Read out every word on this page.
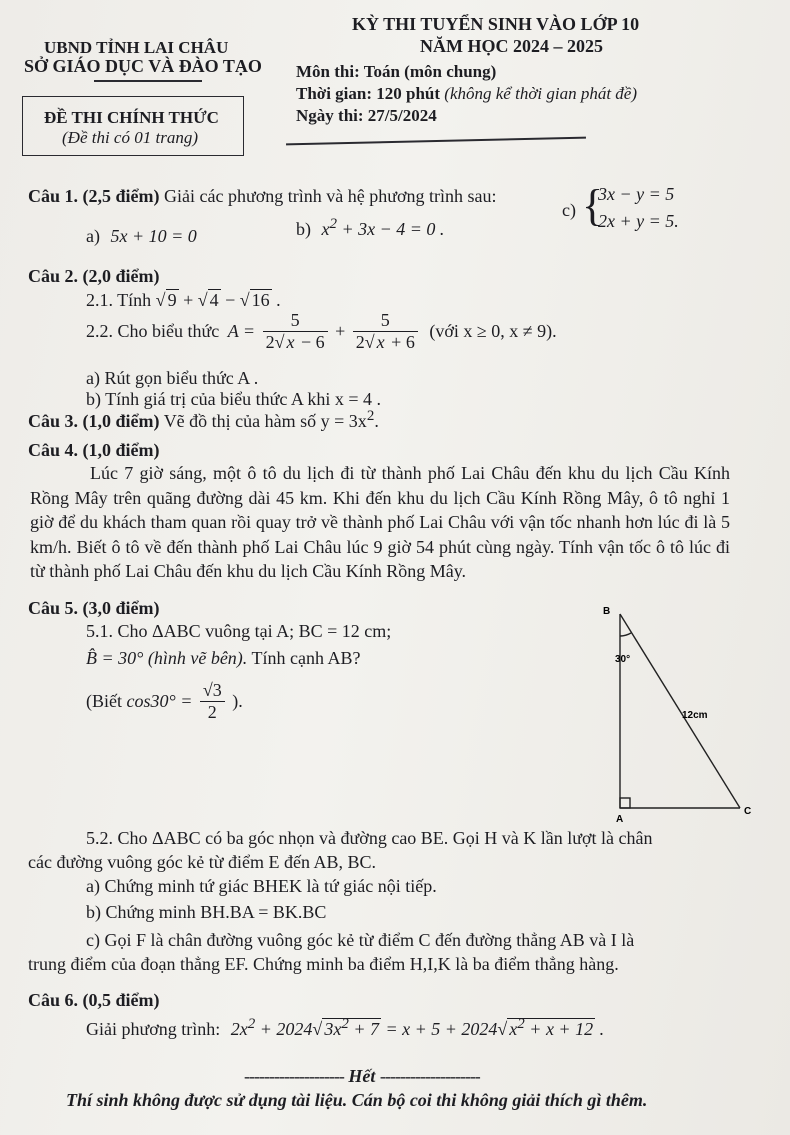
UBND TỈNH LAI CHÂU
SỞ GIÁO DỤC VÀ ĐÀO TẠO
ĐỀ THI CHÍNH THỨC
(Đề thi có 01 trang)
KỲ THI TUYỂN SINH VÀO LỚP 10
NĂM HỌC 2024 – 2025
Môn thi: Toán (môn chung)
Thời gian: 120 phút (không kể thời gian phát đề)
Ngày thi: 27/5/2024
Câu 1. (2,5 điểm) Giải các phương trình và hệ phương trình sau:
a) 5x + 10 = 0	b) $x^2 + 3x - 4 = 0$ .
c) {
3x − y = 5
2x + y = 5.
Câu 2. (2,0 điểm)
2.1. Tính √ 9 + √ 4 − √ 16 .
2.2. Cho biểu thức $A = \frac{5}{2√ x - 6} + \frac{5}{2√ x + 6}$ (với x ≥ 0, x ≠ 9).
a) Rút gọn biểu thức A .
b) Tính giá trị của biểu thức A khi x = 4 .
Câu 3. (1,0 điểm) Vẽ đồ thị của hàm số $y = 3x^2$.
Câu 4. (1,0 điểm)
Lúc 7 giờ sáng, một ô tô du lịch đi từ thành phố Lai Châu đến khu du lịch Cầu Kính Rồng Mây trên quãng đường dài 45 km. Khi đến khu du lịch Cầu Kính Rồng Mây, ô tô nghỉ 1 giờ để du khách tham quan rồi quay trở về thành phố Lai Châu với vận tốc nhanh hơn lúc đi là 5 km/h. Biết ô tô về đến thành phố Lai Châu lúc 9 giờ 54 phút cùng ngày. Tính vận tốc ô tô lúc đi từ thành phố Lai Châu đến khu du lịch Cầu Kính Rồng Mây.
Câu 5. (3,0 điểm)
5.1. Cho ΔABC vuông tại A; BC = 12 cm;
B̂ = 30° (hình vẽ bên). Tính cạnh AB?
(Biết $\cos 30^\circ = \frac{√3}{2}$ ).
B
30°
12cm
A
C
5.2. Cho ΔABC có ba góc nhọn và đường cao BE. Gọi H và K lần lượt là chân
các đường vuông góc kẻ từ điểm E đến AB, BC.
a) Chứng minh tứ giác BHEK là tứ giác nội tiếp.
b) Chứng minh BH.BA = BK.BC
c) Gọi F là chân đường vuông góc kẻ từ điểm C đến đường thẳng AB và I là
trung điểm của đoạn thẳng EF. Chứng minh ba điểm H,I,K là ba điểm thẳng hàng.
Câu 6. (0,5 điểm)
Giải phương trình: $2x^2 + 2024√$ $3x^2 + 7 = x + 5 + 2024√$ $x^2 + x + 12$ .
-------------------- Hết --------------------
Thí sinh không được sử dụng tài liệu. Cán bộ coi thi không giải thích gì thêm.
